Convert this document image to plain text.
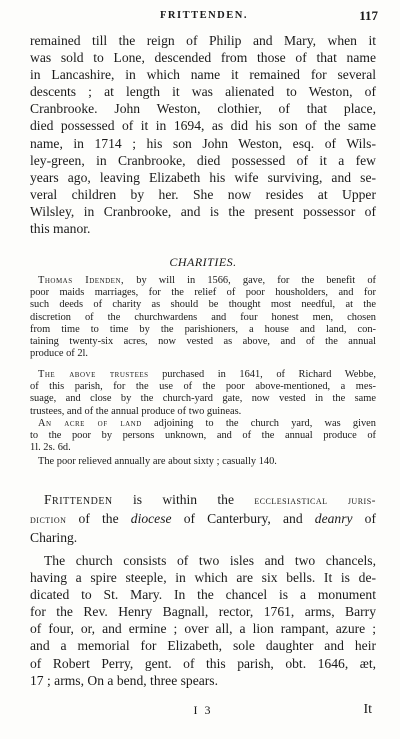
FRITTENDEN.	117
remained till the reign of Philip and Mary, when it
was sold to Lone, descended from those of that name
in Lancashire, in which name it remained for several
descents ; at length it was alienated to Weston, of
Cranbrooke. John Weston, clothier, of that place,
died possessed of it in 1694, as did his son of the same
name, in 1714 ; his son John Weston, esq. of Wils-
ley-green, in Cranbrooke, died possessed of it a few
years ago, leaving Elizabeth his wife surviving, and se-
veral children by her. She now resides at Upper
Wilsley, in Cranbrooke, and is the present possessor of
this manor.
CHARITIES.
Thomas Idenden, by will in 1566, gave, for the benefit of
poor maids marriages, for the relief of poor housholders, and for
such deeds of charity as should be thought most needful, at the
discretion of the churchwardens and four honest men, chosen
from time to time by the parishioners, a house and land, con-
taining twenty-six acres, now vested as above, and of the annual
produce of 2l.
The above trustees purchased in 1641, of Richard Webbe,
of this parish, for the use of the poor above-mentioned, a mes-
suage, and close by the church-yard gate, now vested in the same
trustees, and of the annual produce of two guineas.
An acre of land adjoining to the church yard, was given
to the poor by persons unknown, and of the annual produce of
1l. 2s. 6d.
The poor relieved annually are about sixty ; casually 140.
Frittenden is within the ecclesiastical juris-
diction of the diocese of Canterbury, and deanry of
Charing.
The church consists of two isles and two chancels,
having a spire steeple, in which are six bells. It is de-
dicated to St. Mary. In the chancel is a monument
for the Rev. Henry Bagnall, rector, 1761, arms, Barry
of four, or, and ermine ; over all, a lion rampant, azure ;
and a memorial for Elizabeth, sole daughter and heir
of Robert Perry, gent. of this parish, obt. 1646, æt,
17 ; arms, On a bend, three spears.
I 3	It
